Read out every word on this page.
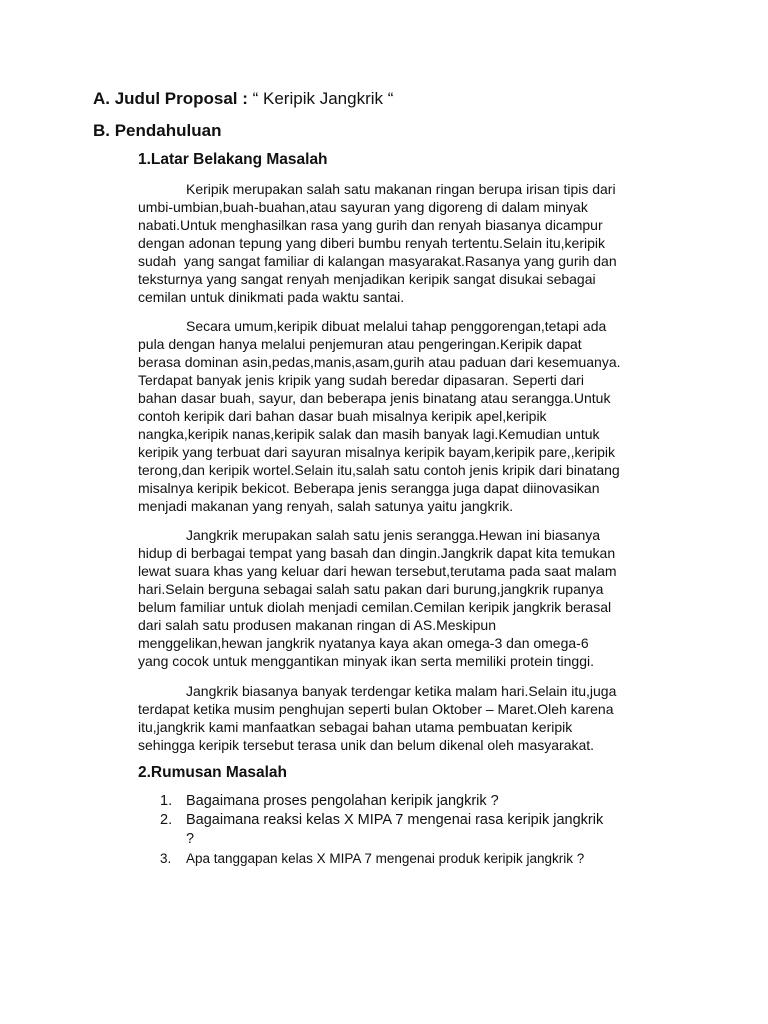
A. Judul Proposal : “ Keripik Jangkrik “
B. Pendahuluan
1.Latar Belakang Masalah
Keripik merupakan salah satu makanan ringan berupa irisan tipis dari
umbi-umbian,buah-buahan,atau sayuran yang digoreng di dalam minyak
nabati.Untuk menghasilkan rasa yang gurih dan renyah biasanya dicampur
dengan adonan tepung yang diberi bumbu renyah tertentu.Selain itu,keripik
sudah  yang sangat familiar di kalangan masyarakat.Rasanya yang gurih dan
teksturnya yang sangat renyah menjadikan keripik sangat disukai sebagai
cemilan untuk dinikmati pada waktu santai.
Secara umum,keripik dibuat melalui tahap penggorengan,tetapi ada
pula dengan hanya melalui penjemuran atau pengeringan.Keripik dapat
berasa dominan asin,pedas,manis,asam,gurih atau paduan dari kesemuanya.
Terdapat banyak jenis kripik yang sudah beredar dipasaran. Seperti dari
bahan dasar buah, sayur, dan beberapa jenis binatang atau serangga.Untuk
contoh keripik dari bahan dasar buah misalnya keripik apel,keripik
nangka,keripik nanas,keripik salak dan masih banyak lagi.Kemudian untuk
keripik yang terbuat dari sayuran misalnya keripik bayam,keripik pare,,keripik
terong,dan keripik wortel.Selain itu,salah satu contoh jenis kripik dari binatang
misalnya keripik bekicot. Beberapa jenis serangga juga dapat diinovasikan
menjadi makanan yang renyah, salah satunya yaitu jangkrik.
Jangkrik merupakan salah satu jenis serangga.Hewan ini biasanya
hidup di berbagai tempat yang basah dan dingin.Jangkrik dapat kita temukan
lewat suara khas yang keluar dari hewan tersebut,terutama pada saat malam
hari.Selain berguna sebagai salah satu pakan dari burung,jangkrik rupanya
belum familiar untuk diolah menjadi cemilan.Cemilan keripik jangkrik berasal
dari salah satu produsen makanan ringan di AS.Meskipun
menggelikan,hewan jangkrik nyatanya kaya akan omega-3 dan omega-6
yang cocok untuk menggantikan minyak ikan serta memiliki protein tinggi.
Jangkrik biasanya banyak terdengar ketika malam hari.Selain itu,juga
terdapat ketika musim penghujan seperti bulan Oktober – Maret.Oleh karena
itu,jangkrik kami manfaatkan sebagai bahan utama pembuatan keripik
sehingga keripik tersebut terasa unik dan belum dikenal oleh masyarakat.
2.Rumusan Masalah
1. Bagaimana proses pengolahan keripik jangkrik ?
2. Bagaimana reaksi kelas X MIPA 7 mengenai rasa keripik jangkrik
?
3.	Apa tanggapan kelas X MIPA 7 mengenai produk keripik jangkrik ?
